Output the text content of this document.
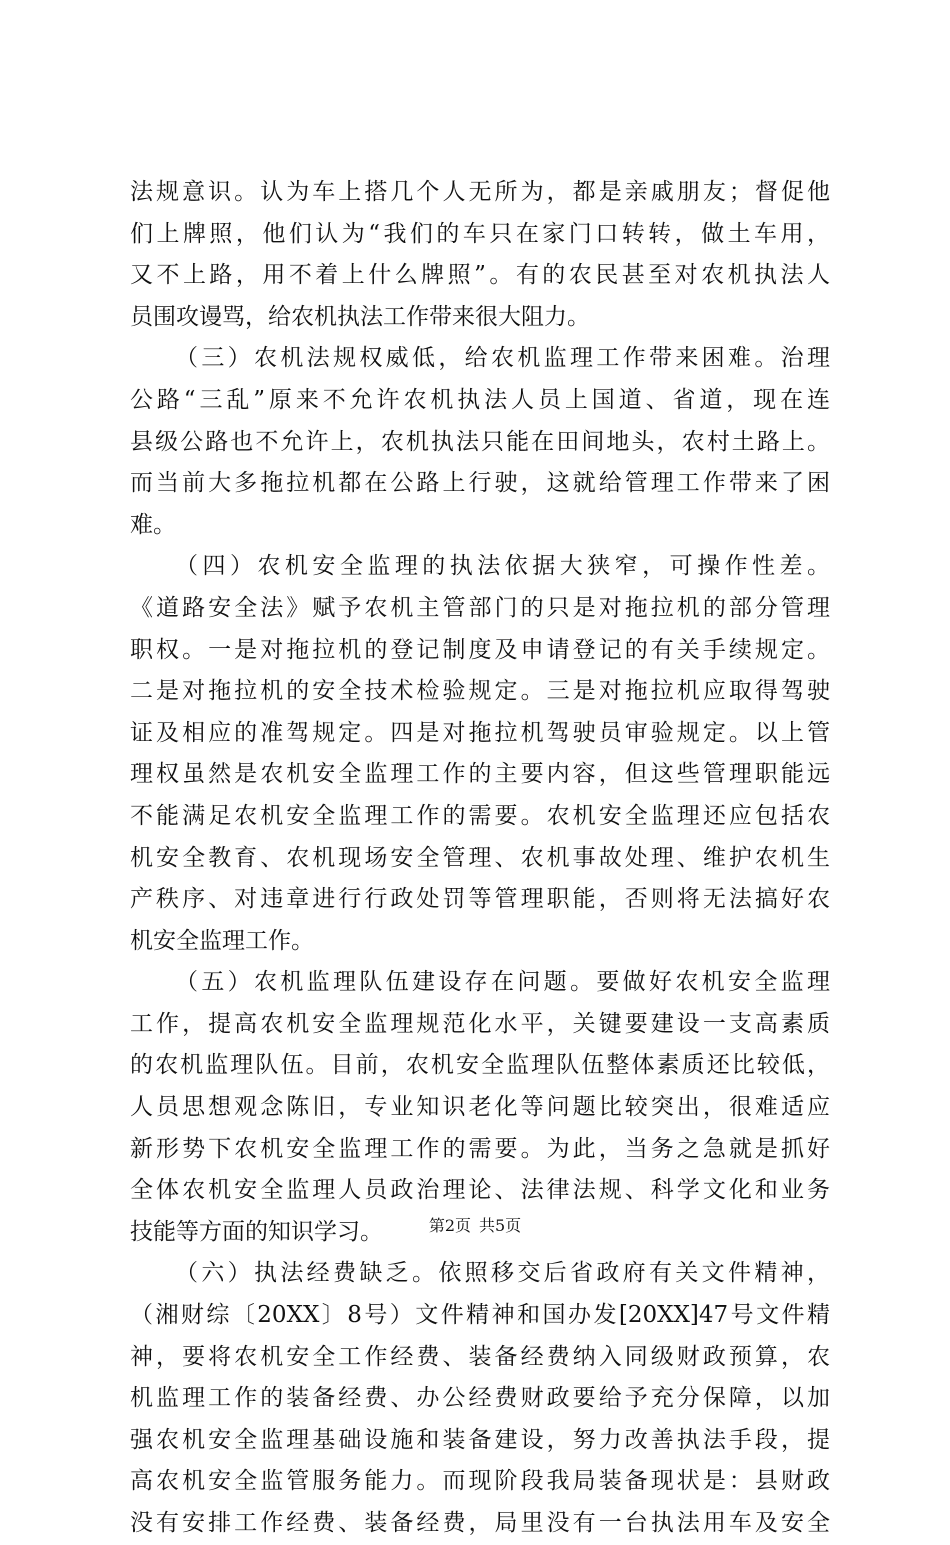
法规意识。认为车上搭几个人无所为，都是亲戚朋友；督促他
们上牌照，他们认为“我们的车只在家门口转转，做土车用，
又不上路，用不着上什么牌照”。有的农民甚至对农机执法人
员围攻谩骂，给农机执法工作带来很大阻力。
（三）农机法规权威低，给农机监理工作带来困难。治理
公路“三乱”原来不允许农机执法人员上国道、省道，现在连
县级公路也不允许上，农机执法只能在田间地头，农村土路上。
而当前大多拖拉机都在公路上行驶，这就给管理工作带来了困
难。
（四）农机安全监理的执法依据大狭窄，可操作性差。
《道路安全法》赋予农机主管部门的只是对拖拉机的部分管理
职权。一是对拖拉机的登记制度及申请登记的有关手续规定。
二是对拖拉机的安全技术检验规定。三是对拖拉机应取得驾驶
证及相应的准驾规定。四是对拖拉机驾驶员审验规定。以上管
理权虽然是农机安全监理工作的主要内容，但这些管理职能远
不能满足农机安全监理工作的需要。农机安全监理还应包括农
机安全教育、农机现场安全管理、农机事故处理、维护农机生
产秩序、对违章进行行政处罚等管理职能，否则将无法搞好农
机安全监理工作。
（五）农机监理队伍建设存在问题。要做好农机安全监理
工作，提高农机安全监理规范化水平，关键要建设一支高素质
的农机监理队伍。目前，农机安全监理队伍整体素质还比较低，
人员思想观念陈旧，专业知识老化等问题比较突出，很难适应
新形势下农机安全监理工作的需要。为此，当务之急就是抓好
全体农机安全监理人员政治理论、法律法规、科学文化和业务
技能等方面的知识学习。
（六）执法经费缺乏。依照移交后省政府有关文件精神，
（湘财综〔20XX〕8号）文件精神和国办发[20XX]47号文件精
神，要将农机安全工作经费、装备经费纳入同级财政预算，农
机监理工作的装备经费、办公经费财政要给予充分保障，以加
强农机安全监理基础设施和装备建设，努力改善执法手段，提
高农机安全监管服务能力。而现阶段我局装备现状是：县财政
没有安排工作经费、装备经费，局里没有一台执法用车及安全
第2页 共5页
